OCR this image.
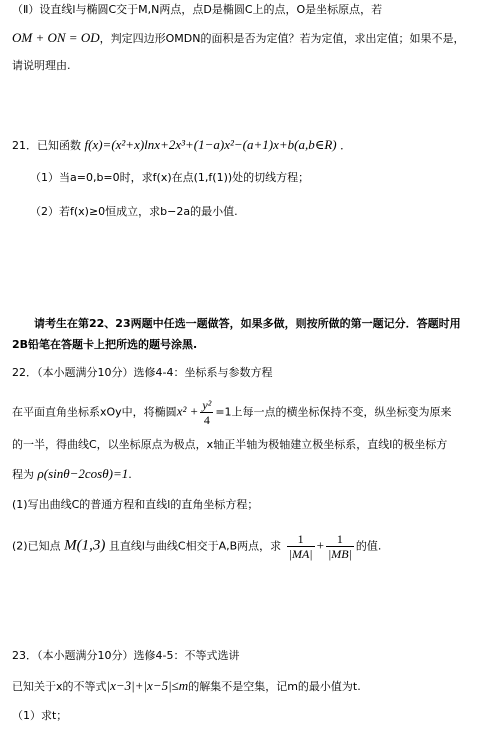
（Ⅱ）设直线l与椭圆C交于M,N两点，点D是椭圆C上的点，O是坐标原点，若
OM + ON = OD，判定四边形OMDN的面积是否为定值？若为定值，求出定值；如果不是，
请说明理由.
21．已知函数 f(x)=(x²+x)lnx+2x³+(1−a)x²−(a+1)x+b(a,b∈R) ．
（1）当a=0,b=0时，求f(x)在点(1,f(1))处的切线方程；
（2）若f(x)≥0恒成立，求b−2a的最小值.
请考生在第22、23两题中任选一题做答，如果多做，则按所做的第一题记分．答题时用
2B铅笔在答题卡上把所选的题号涂黑.
22．（本小题满分10分）选修4-4：坐标系与参数方程
在平面直角坐标系xOy中，将椭圆$x^2 + \frac{\text{y²}}{4} =1$上每一点的横坐标保持不变，纵坐标变为原来
的一半，得曲线C，以坐标原点为极点，x轴正半轴为极轴建立极坐标系，直线l的极坐标方
程为 ρ(sinθ−2cosθ)=1.
(1)写出曲线C的普通方程和直线l的直角坐标方程；
(2)已知点 M(1,3) 且直线l与曲线C相交于A,B两点，求 $\frac{1}{|MA|} + \frac{1}{|MB|}$ 的值.
23．（本小题满分10分）选修4-5：不等式选讲
已知关于x的不等式|x−3|+|x−5|≤m的解集不是空集，记m的最小值为t.
（1）求t；
